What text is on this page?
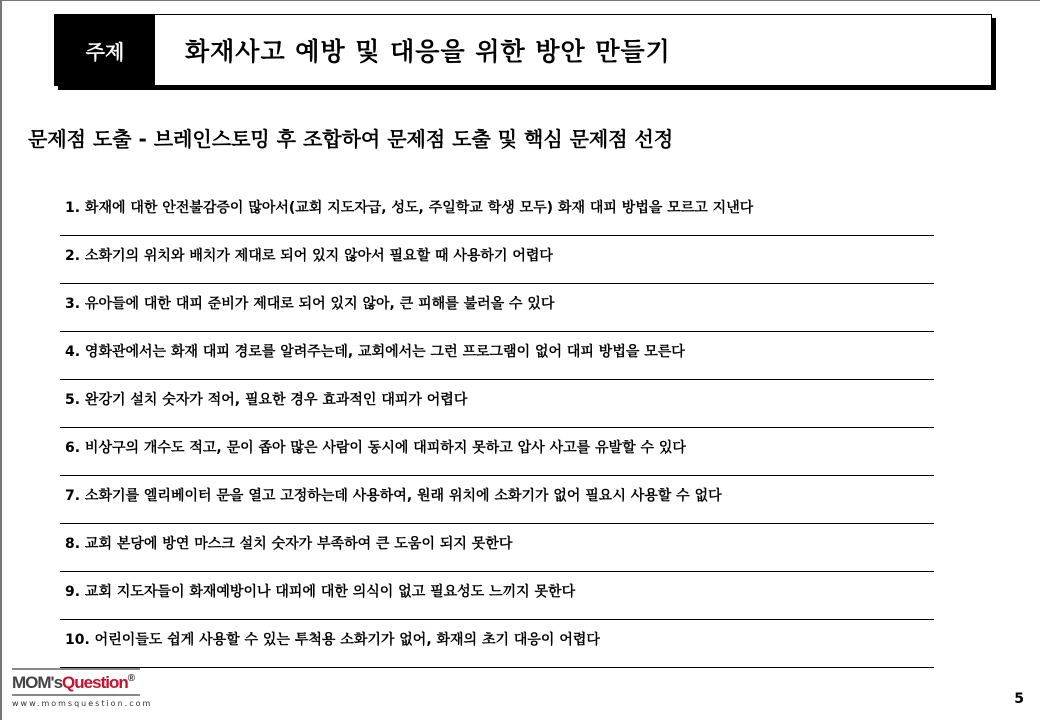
주제	화재사고 예방 및 대응을 위한 방안 만들기
문제점 도출 - 브레인스토밍 후 조합하여 문제점 도출 및 핵심 문제점 선정
1. 화재에 대한 안전불감증이 많아서(교회 지도자급, 성도, 주일학교 학생 모두) 화재 대피 방법을 모르고 지낸다
2. 소화기의 위치와 배치가 제대로 되어 있지 않아서 필요할 때 사용하기 어렵다
3. 유아들에 대한 대피 준비가 제대로 되어 있지 않아, 큰 피해를 불러올 수 있다
4. 영화관에서는 화재 대피 경로를 알려주는데, 교회에서는 그런 프로그램이 없어 대피 방법을 모른다
5. 완강기 설치 숫자가 적어, 필요한 경우 효과적인 대피가 어렵다
6. 비상구의 개수도 적고, 문이 좁아 많은 사람이 동시에 대피하지 못하고 압사 사고를 유발할 수 있다
7. 소화기를 엘리베이터 문을 열고 고정하는데 사용하여, 원래 위치에 소화기가 없어 필요시 사용할 수 없다
8. 교회 본당에 방연 마스크 설치 숫자가 부족하여 큰 도움이 되지 못한다
9. 교회 지도자들이 화재예방이나 대피에 대한 의식이 없고 필요성도 느끼지 못한다
10. 어린이들도 쉽게 사용할 수 있는 투척용 소화기가 없어, 화재의 초기 대응이 어렵다
MOM'sQuestion®
www.momsquestion.com	5
